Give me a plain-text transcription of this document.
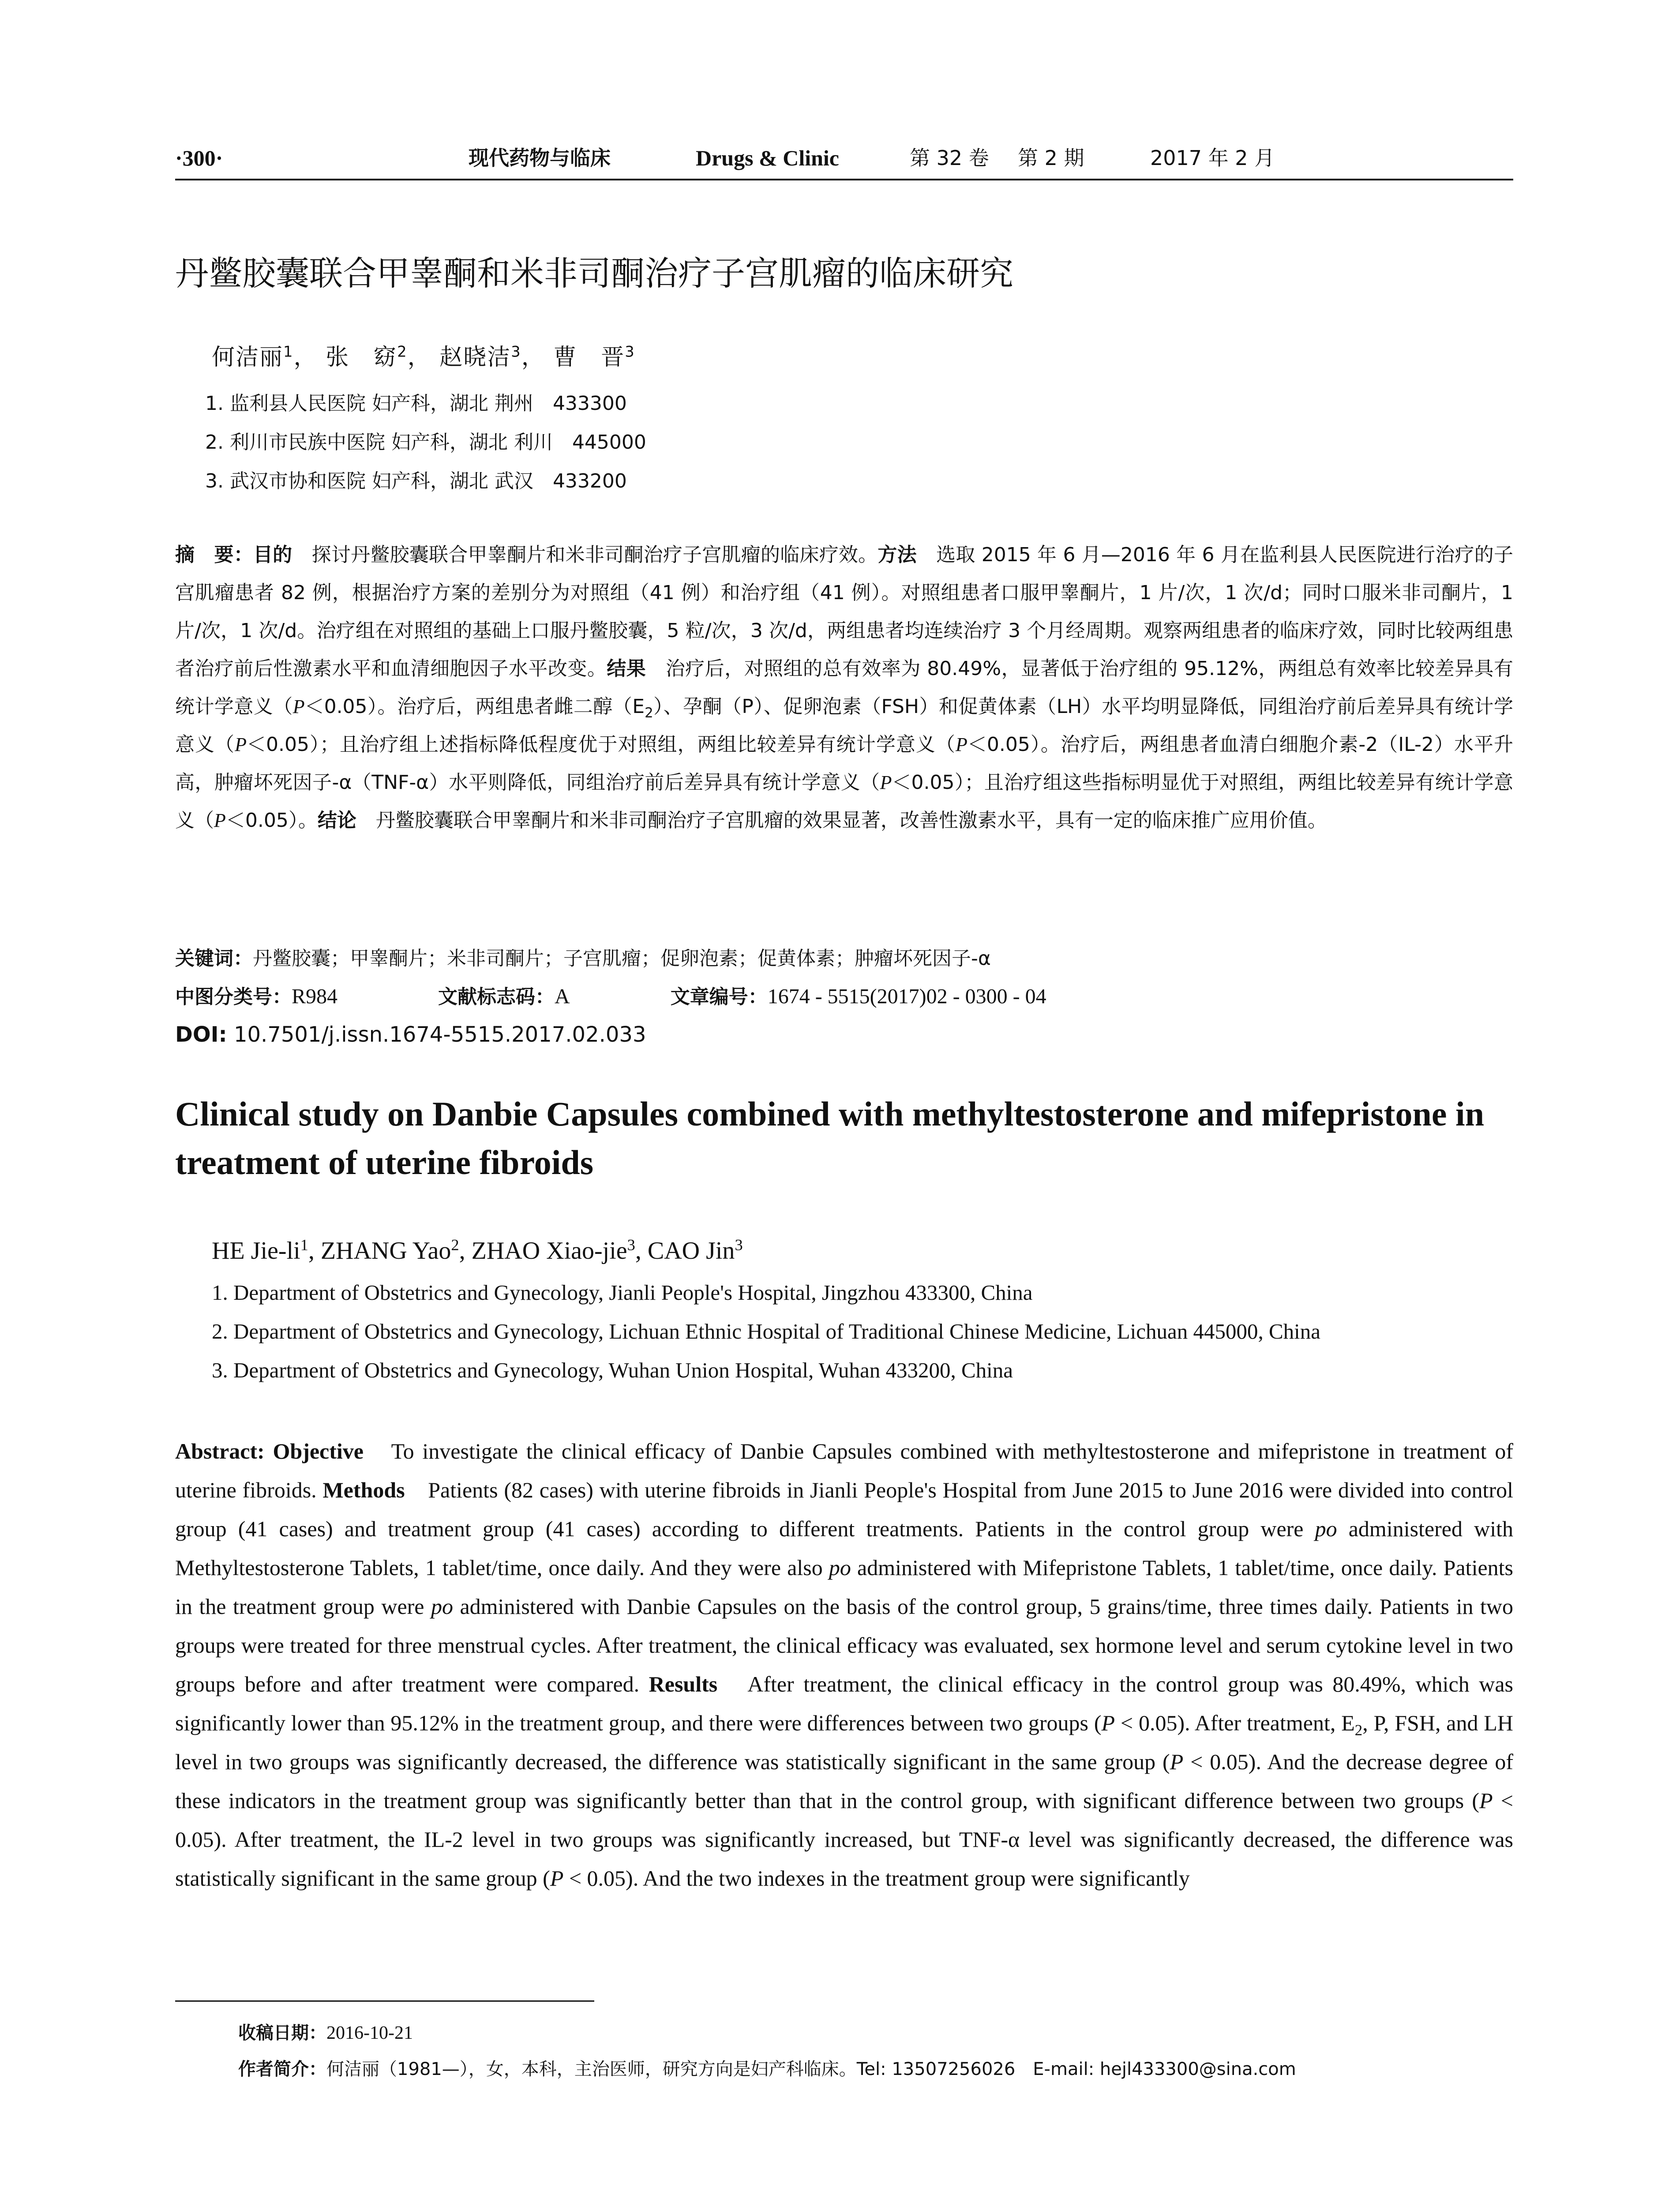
·300·	现代药物与临床	Drugs & Clinic	第 32 卷 第 2 期	2017 年 2 月
丹鳖胶囊联合甲睾酮和米非司酮治疗子宫肌瘤的临床研究
何洁丽$^1$， 张　窈$^2$， 赵晓洁$^3$， 曹　晋$^3$
1. 监利县人民医院 妇产科，湖北 荆州　433300
2. 利川市民族中医院 妇产科，湖北 利川　445000
3. 武汉市协和医院 妇产科，湖北 武汉　433200
摘　要：目的　探讨丹鳖胶囊联合甲睾酮片和米非司酮治疗子宫肌瘤的临床疗效。方法　选取 2015 年 6 月—2016 年 6 月在监利县人民医院进行治疗的子宫肌瘤患者 82 例，根据治疗方案的差别分为对照组（41 例）和治疗组（41 例）。对照组患者口服甲睾酮片，1 片/次，1 次/d；同时口服米非司酮片，1 片/次，1 次/d。治疗组在对照组的基础上口服丹鳖胶囊，5 粒/次，3 次/d，两组患者均连续治疗 3 个月经周期。观察两组患者的临床疗效，同时比较两组患者治疗前后性激素水平和血清细胞因子水平改变。结果　治疗后，对照组的总有效率为 80.49%，显著低于治疗组的 95.12%，两组总有效率比较差异具有统计学意义（P＜0.05）。治疗后，两组患者雌二醇$(E_2)$、孕酮（P）、促卵泡素（FSH）和促黄体素（LH）水平均明显降低，同组治疗前后差异具有统计学意义（P＜0.05）；且治疗组上述指标降低程度优于对照组，两组比较差异有统计学意义（P＜0.05）。治疗后，两组患者血清白细胞介素-2（IL-2）水平升高，肿瘤坏死因子-α（TNF-α）水平则降低，同组治疗前后差异具有统计学意义（P＜0.05）；且治疗组这些指标明显优于对照组，两组比较差异有统计学意义（P＜0.05）。结论　丹鳖胶囊联合甲睾酮片和米非司酮治疗子宫肌瘤的效果显著，改善性激素水平，具有一定的临床推广应用价值。
关键词：丹鳖胶囊；甲睾酮片；米非司酮片；子宫肌瘤；促卵泡素；促黄体素；肿瘤坏死因子-α
中图分类号：R984	文献标志码：A	文章编号：1674 - 5515(2017)02 - 0300 - 04
DOI: 10.7501/j.issn.1674-5515.2017.02.033
Clinical study on Danbie Capsules combined with methyltestosterone and mifepristone in treatment of uterine fibroids
HE Jie-$li^1$, ZHANG Yao$^2$, ZHAO Xiao-jie$^3$, CAO Jin$^3$
1. Department of Obstetrics and Gynecology, Jianli People's Hospital, Jingzhou 433300, China
2. Department of Obstetrics and Gynecology, Lichuan Ethnic Hospital of Traditional Chinese Medicine, Lichuan 445000, China
3. Department of Obstetrics and Gynecology, Wuhan Union Hospital, Wuhan 433200, China
Abstract: Objective　To investigate the clinical efficacy of Danbie Capsules combined with methyltestosterone and mifepristone in treatment of uterine fibroids. Methods　Patients (82 cases) with uterine fibroids in Jianli People's Hospital from June 2015 to June 2016 were divided into control group (41 cases) and treatment group (41 cases) according to different treatments. Patients in the control group were po administered with Methyltestosterone Tablets, 1 tablet/time, once daily. And they were also po administered with Mifepristone Tablets, 1 tablet/time, once daily. Patients in the treatment group were po administered with Danbie Capsules on the basis of the control group, 5 grains/time, three times daily. Patients in two groups were treated for three menstrual cycles. After treatment, the clinical efficacy was evaluated, sex hormone level and serum cytokine level in two groups before and after treatment were compared. Results　After treatment, the clinical efficacy in the control group was 80.49%, which was significantly lower than 95.12% in the treatment group, and there were differences between two groups (P < 0.05). After treatment, $E_2$, P, FSH, and LH level in two groups was significantly decreased, the difference was statistically significant in the same group (P < 0.05). And the decrease degree of these indicators in the treatment group was significantly better than that in the control group, with significant difference between two groups (P < 0.05). After treatment, the IL-2 level in two groups was significantly increased, but TNF-α level was significantly decreased, the difference was statistically significant in the same group (P < 0.05). And the two indexes in the treatment group were significantly
收稿日期：2016-10-21
作者简介：何洁丽（1981—），女，本科，主治医师，研究方向是妇产科临床。Tel: 13507256026　E-mail: hejl433300@sina.com
